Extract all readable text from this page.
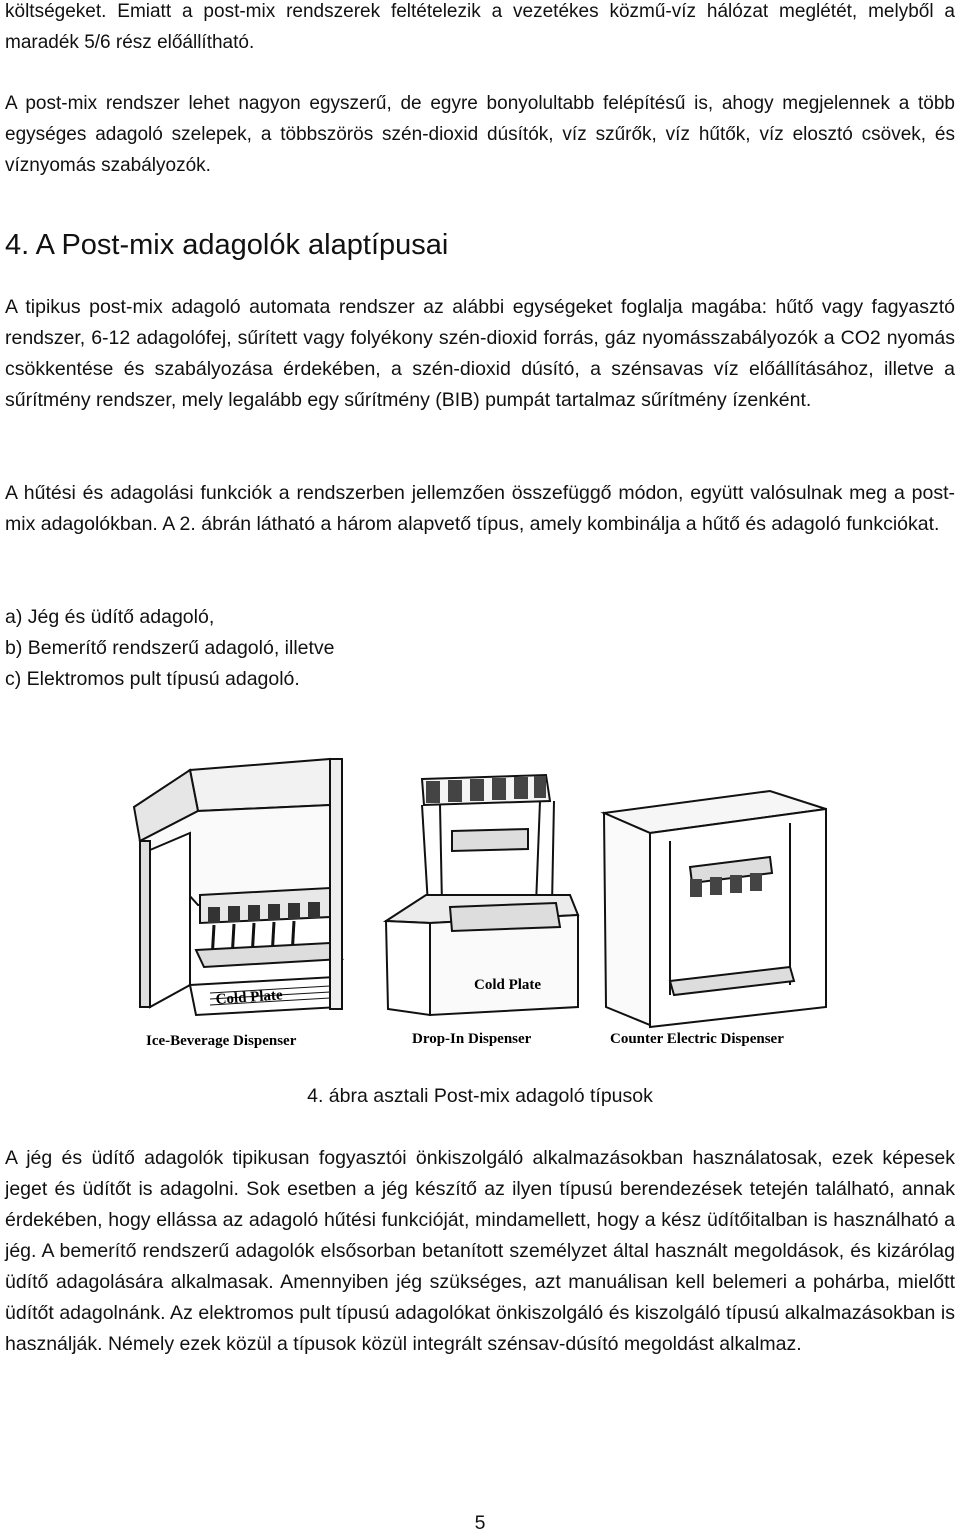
költségeket. Emiatt a post-mix rendszerek feltételezik a vezetékes közmű-víz hálózat meglétét, melyből a maradék 5/6 rész előállítható.

A post-mix rendszer lehet nagyon egyszerű, de egyre bonyolultabb felépítésű is, ahogy megjelennek a több egységes adagoló szelepek, a többszörös szén-dioxid dúsítók, víz szűrők, víz hűtők, víz elosztó csövek, és víznyomás szabályozók.

4. A Post-mix adagolók alaptípusai

A tipikus post-mix adagoló automata rendszer az alábbi egységeket foglalja magába: hűtő vagy fagyasztó rendszer, 6-12 adagolófej, sűrített vagy folyékony szén-dioxid forrás, gáz nyomásszabályozók a CO2 nyomás csökkentése és szabályozása érdekében, a szén-dioxid dúsító, a szénsavas víz előállításához, illetve a sűrítmény rendszer, mely legalább egy sűrítmény (BIB) pumpát tartalmaz sűrítmény ízenként.

A hűtési és adagolási funkciók a rendszerben jellemzően összefüggő módon, együtt valósulnak meg a post-mix adagolókban. A 2. ábrán látható a három alapvető típus, amely kombinálja a hűtő és adagoló funkciókat.

a) Jég és üdítő adagoló,
b) Bemerítő rendszerű adagoló, illetve
c) Elektromos pult típusú adagoló.
Cold Plate
Cold Plate
Ice-Beverage Dispenser	Drop-In Dispenser	Counter Electric Dispenser

4. ábra asztali Post-mix adagoló típusok

A jég és üdítő adagolók tipikusan fogyasztói önkiszolgáló alkalmazásokban használatosak, ezek képesek jeget és üdítőt is adagolni. Sok esetben a jég készítő az ilyen típusú berendezések tetején található, annak érdekében, hogy ellássa az adagoló hűtési funkcióját, mindamellett, hogy a kész üdítőitalban is használható a jég. A bemerítő rendszerű adagolók elsősorban betanított személyzet által használt megoldások, és kizárólag üdítő adagolására alkalmasak. Amennyiben jég szükséges, azt manuálisan kell belemeri a pohárba, mielőtt üdítőt adagolnánk. Az elektromos pult típusú adagolókat önkiszolgáló és kiszolgáló típusú alkalmazásokban is használják. Némely ezek közül a típusok közül integrált szénsav-dúsító megoldást alkalmaz.

5
